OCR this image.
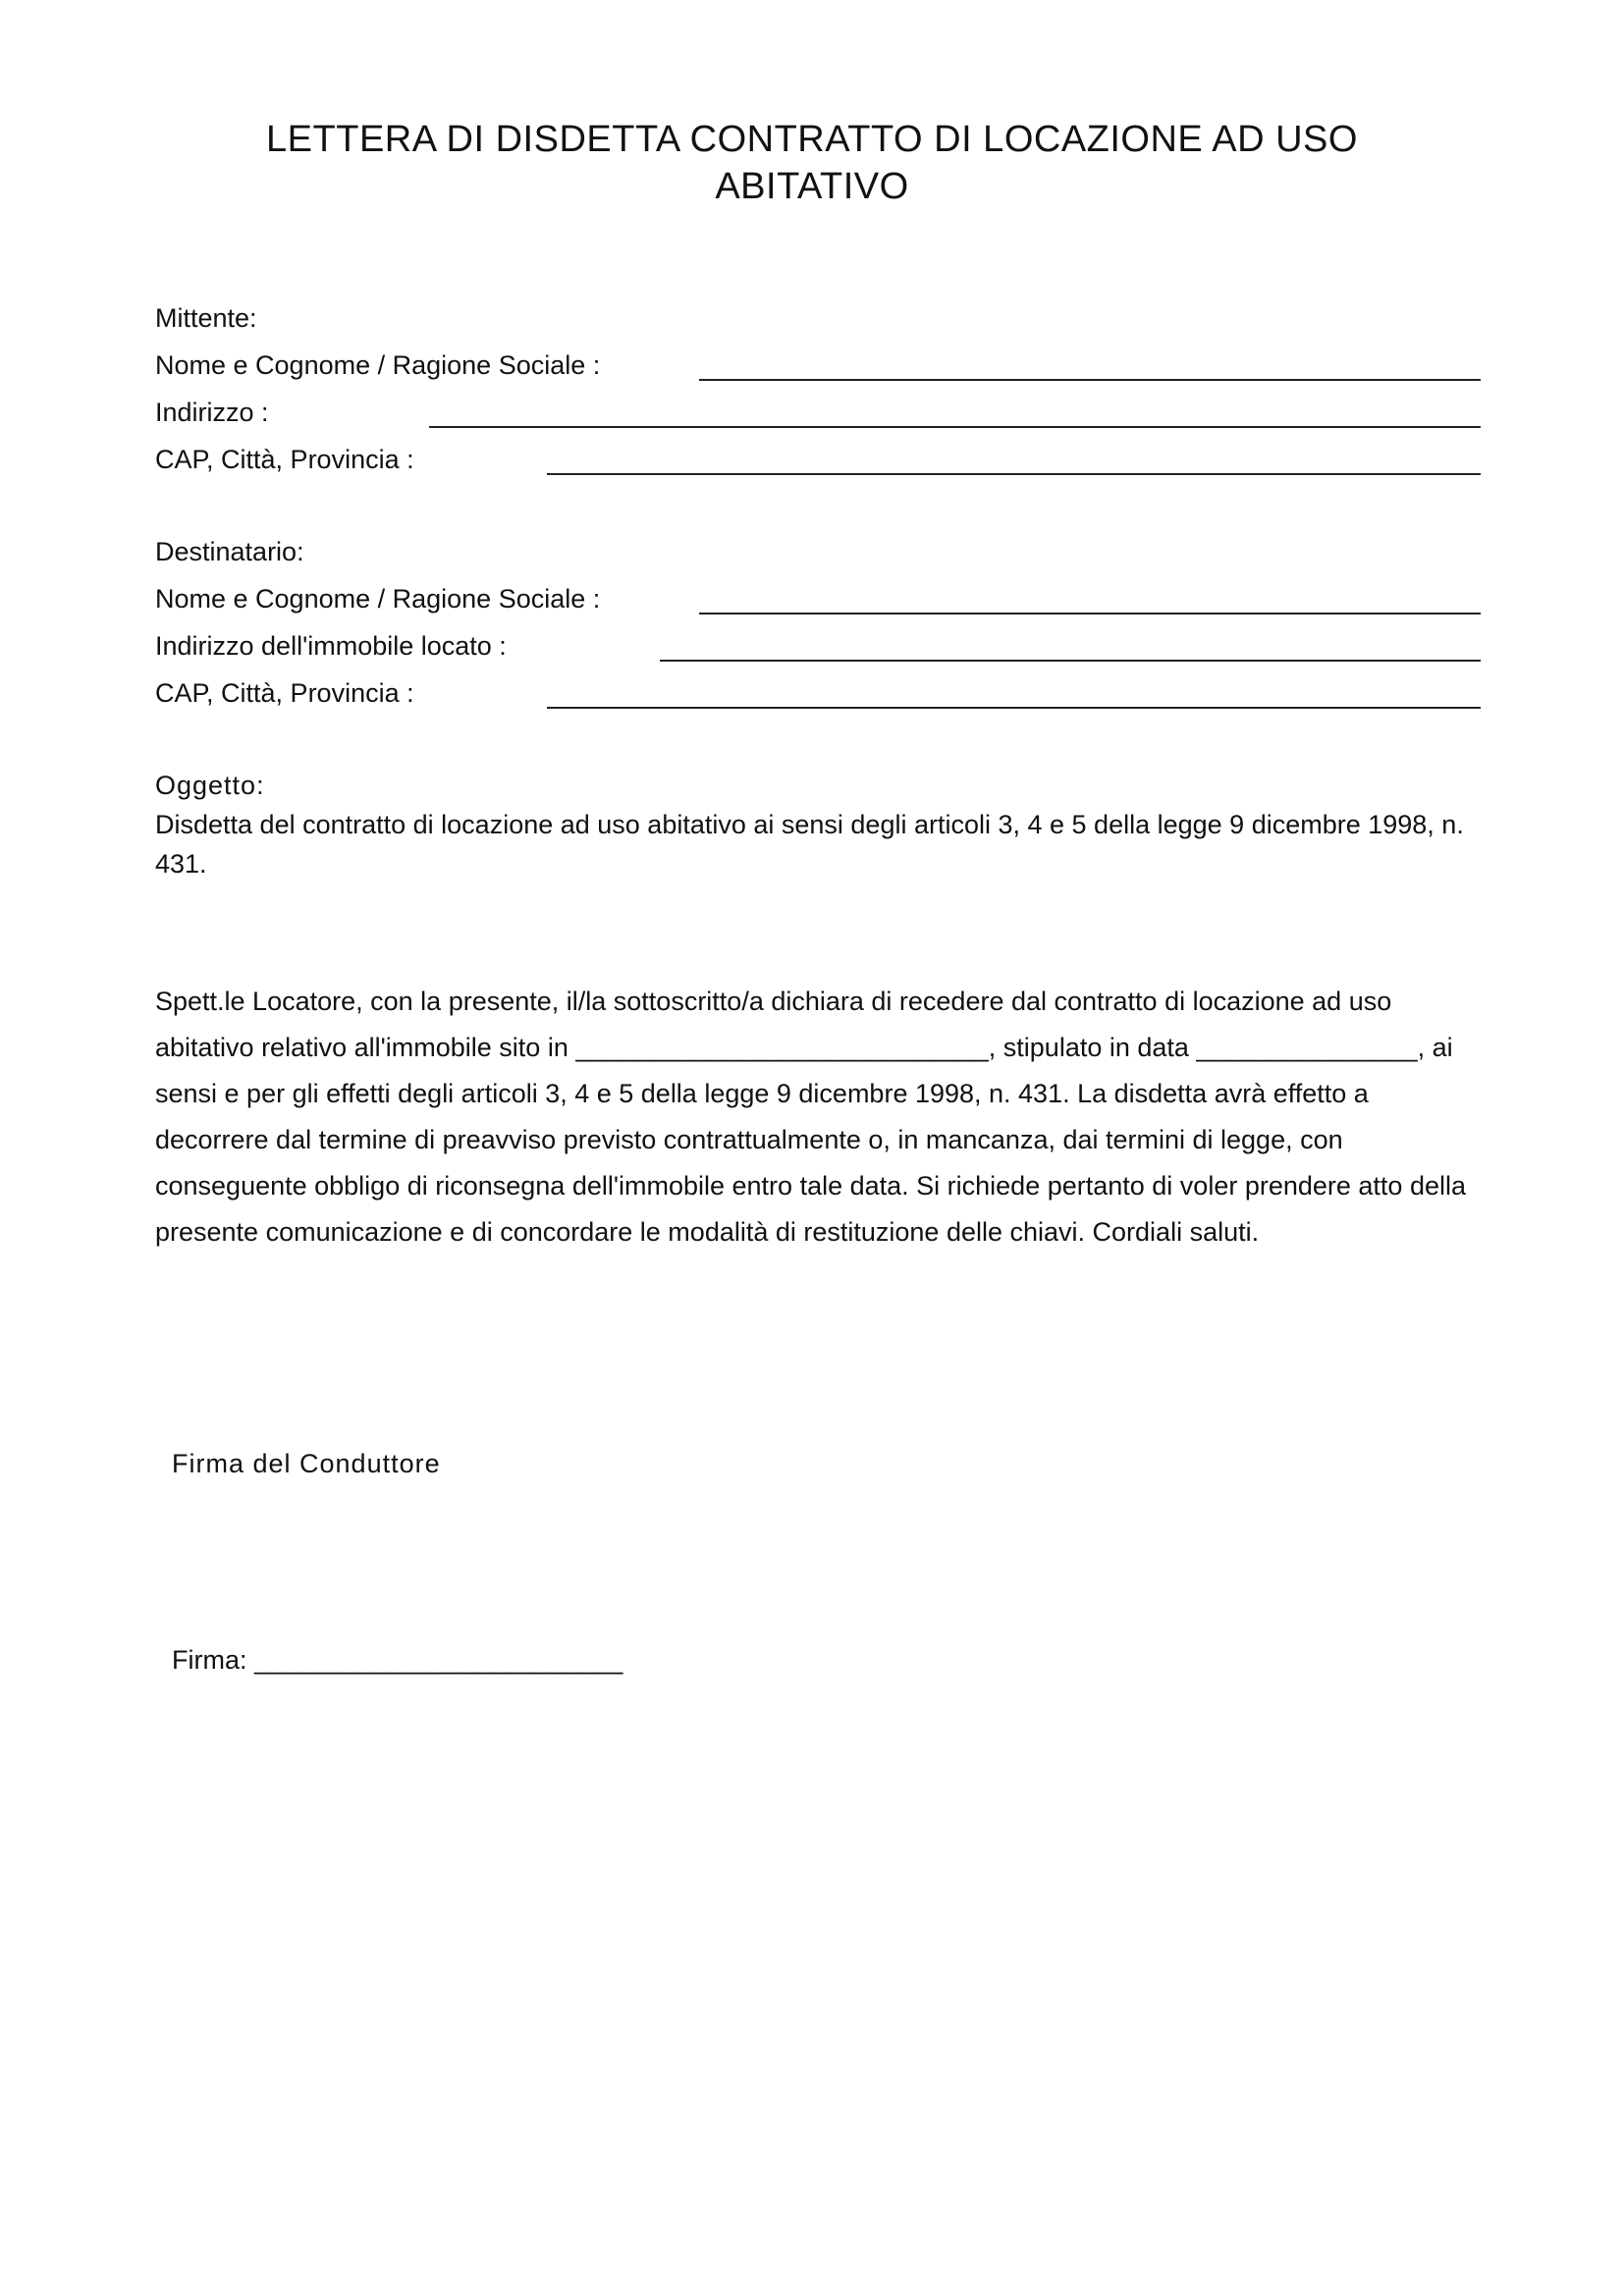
LETTERA DI DISDETTA CONTRATTO DI LOCAZIONE AD USO ABITATIVO
Mittente:
Nome e Cognome / Ragione Sociale :
Indirizzo :
CAP, Città, Provincia :
Destinatario:
Nome e Cognome / Ragione Sociale :
Indirizzo dell'immobile locato :
CAP, Città, Provincia :
Oggetto:
Disdetta del contratto di locazione ad uso abitativo ai sensi degli articoli 3, 4 e 5 della legge 9 dicembre 1998, n. 431.

Spett.le Locatore, con la presente, il/la sottoscritto/a dichiara di recedere dal contratto di locazione ad uso abitativo relativo all'immobile sito in ____________________________, stipulato in data _______________, ai sensi e per gli effetti degli articoli 3, 4 e 5 della legge 9 dicembre 1998, n. 431. La disdetta avrà effetto a decorrere dal termine di preavviso previsto contrattualmente o, in mancanza, dai termini di legge, con conseguente obbligo di riconsegna dell'immobile entro tale data. Si richiede pertanto di voler prendere atto della presente comunicazione e di concordare le modalità di restituzione delle chiavi. Cordiali saluti.

Firma del Conduttore
Firma: _________________________
